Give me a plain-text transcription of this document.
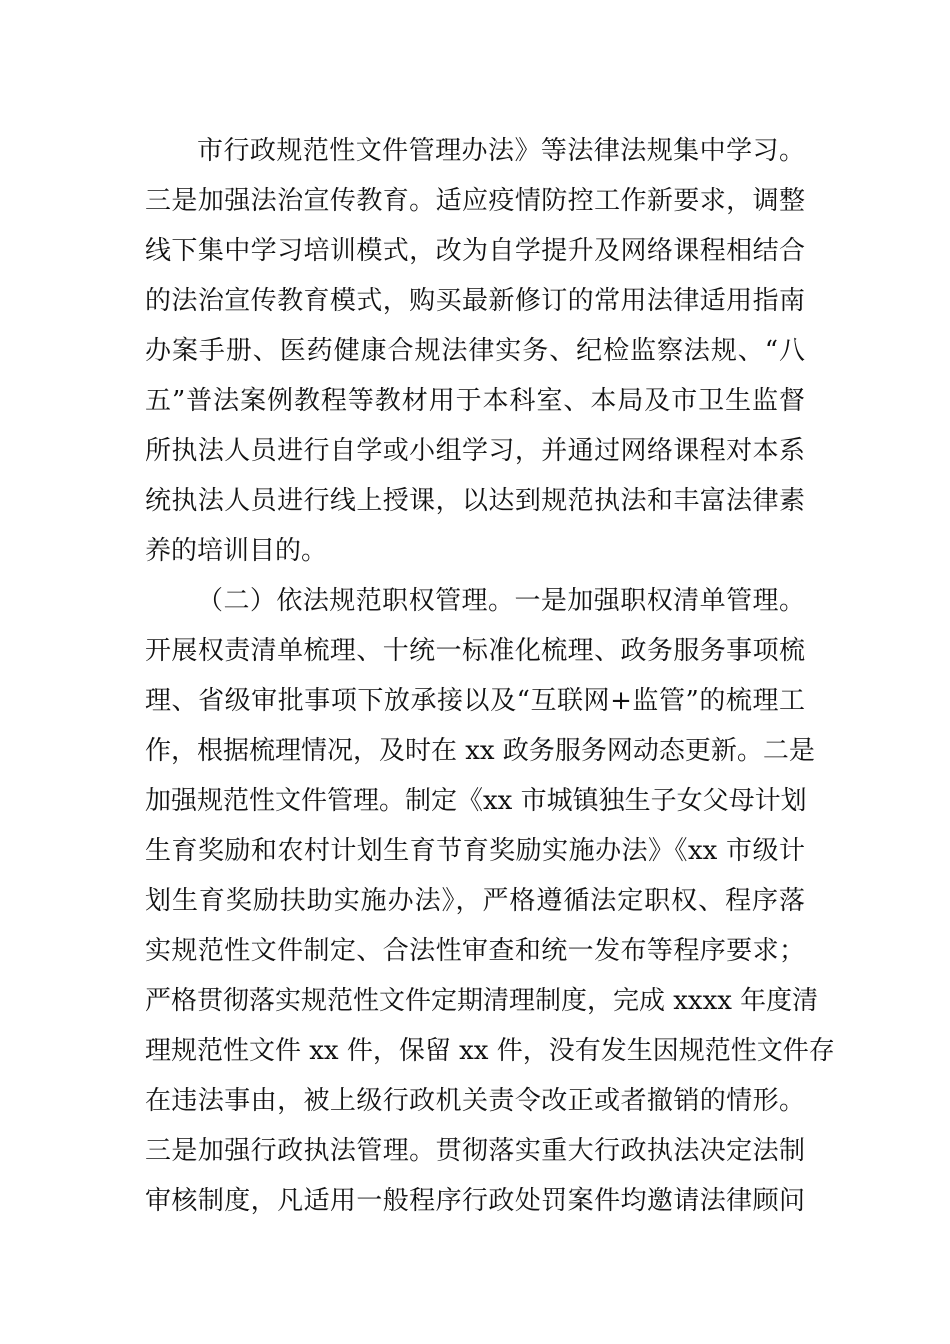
市行政规范性文件管理办法》等法律法规集中学习。
三是加强法治宣传教育。适应疫情防控工作新要求，调整
线下集中学习培训模式，改为自学提升及网络课程相结合
的法治宣传教育模式，购买最新修订的常用法律适用指南
办案手册、医药健康合规法律实务、纪检监察法规、“八
五”普法案例教程等教材用于本科室、本局及市卫生监督
所执法人员进行自学或小组学习，并通过网络课程对本系
统执法人员进行线上授课，以达到规范执法和丰富法律素
养的培训目的。
（二）依法规范职权管理。一是加强职权清单管理。
开展权责清单梳理、十统一标准化梳理、政务服务事项梳
理、省级审批事项下放承接以及“互联网+监管”的梳理工
作，根据梳理情况，及时在 xx 政务服务网动态更新。二是
加强规范性文件管理。制定《xx 市城镇独生子女父母计划
生育奖励和农村计划生育节育奖励实施办法》《xx 市级计
划生育奖励扶助实施办法》，严格遵循法定职权、程序落
实规范性文件制定、合法性审查和统一发布等程序要求；
严格贯彻落实规范性文件定期清理制度，完成 xxxx 年度清
理规范性文件 xx 件，保留 xx 件，没有发生因规范性文件存
在违法事由，被上级行政机关责令改正或者撤销的情形。
三是加强行政执法管理。贯彻落实重大行政执法决定法制
审核制度，凡适用一般程序行政处罚案件均邀请法律顾问
